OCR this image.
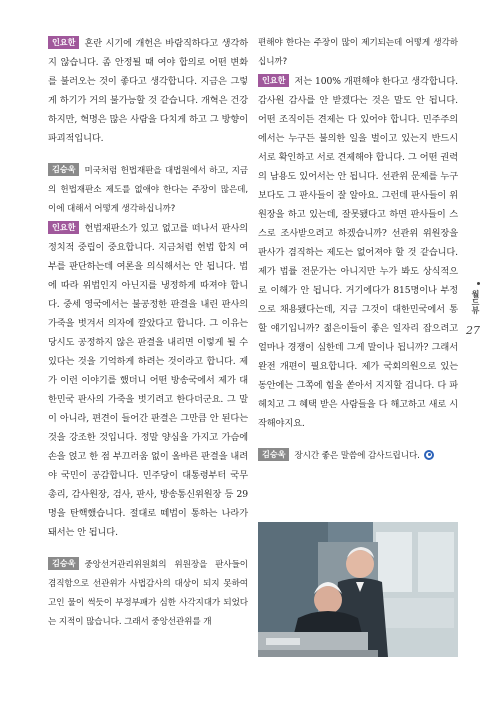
인요한 혼란 시기에 개헌은 바람직하다고 생각하지 않습니다. 좀 안정될 때 여야 합의로 어떤 변화를 불러오는 것이 좋다고 생각합니다. 지금은 그렇게 하기가 거의 불가능할 것 같습니다. 개혁은 건강하지만, 혁명은 많은 사람을 다치게 하고 그 방향이 파괴적입니다.

김승욱 미국처럼 헌법재판을 대법원에서 하고, 지금의 헌법재판소 제도를 없애야 한다는 주장이 많은데, 이에 대해서 어떻게 생각하십니까?

인요한 헌법재판소가 있고 없고를 떠나서 판사의 정치적 중립이 중요합니다. 지금처럼 헌법 합치 여부를 판단하는데 여론을 의식해서는 안 됩니다. 법에 따라 위법인지 아닌지를 냉정하게 따져야 합니다. 중세 영국에서는 불공정한 판결을 내린 판사의 가죽을 벗겨서 의자에 깔았다고 합니다. 그 이유는 당시도 공정하지 않은 판결을 내리면 이렇게 될 수 있다는 것을 기억하게 하려는 것이라고 합니다. 제가 이런 이야기를 했더니 어떤 방송국에서 제가 대한민국 판사의 가죽을 벗기려고 한다더군요. 그 말이 아니라, 편견이 들어간 판결은 그만큼 안 된다는 것을 강조한 것입니다. 정말 양심을 가지고 가슴에 손을 얹고 한 점 부끄러움 없이 올바른 판결을 내려야 국민이 공감합니다. 민주당이 대통령부터 국무총리, 감사원장, 검사, 판사, 방송통신위원장 등 29명을 탄핵했습니다. 절대로 떼법이 통하는 나라가 돼서는 안 됩니다.

김승욱 중앙선거관리위원회의 위원장을 판사들이 겸직함으로 선관위가 사법감사의 대상이 되지 못하여 고인 물이 썩듯이 부정부패가 심한 사각지대가 되었다는 지적이 많습니다. 그래서 중앙선관위를 개

편해야 한다는 주장이 많이 제기되는데 어떻게 생각하십니까?

인요한 저는 100% 개편해야 한다고 생각합니다. 감사원 감사를 안 받겠다는 것은 말도 안 됩니다. 어떤 조직이든 견제는 다 있어야 합니다. 민주주의에서는 누구든 불의한 일을 벌이고 있는지 반드시 서로 확인하고 서로 견제해야 합니다. 그 어떤 권력의 남용도 있어서는 안 됩니다. 선관위 문제를 누구보다도 그 판사들이 잘 알아요. 그런데 판사들이 위원장을 하고 있는데, 잘못됐다고 하면 판사들이 스스로 조사받으려고 하겠습니까? 선관위 위원장을 판사가 겸직하는 제도는 없어져야 할 것 같습니다. 제가 법률 전문가는 아니지만 누가 봐도 상식적으로 이해가 안 됩니다. 거기에다가 815명이나 부정으로 채용됐다는데, 지금 그것이 대한민국에서 통할 얘기입니까? 젊은이들이 좋은 일자리 잡으려고 얼마나 경쟁이 심한데 그게 말이나 됩니까? 그래서 완전 개편이 필요합니다. 제가 국회의원으로 있는 동안에는 그쪽에 힘을 쏟아서 지지할 겁니다. 다 파헤치고 그 혜택 받은 사람들을 다 해고하고 새로 시작해야지요.

김승욱 장시간 좋은 말씀에 감사드립니다.

월드뷰
27
